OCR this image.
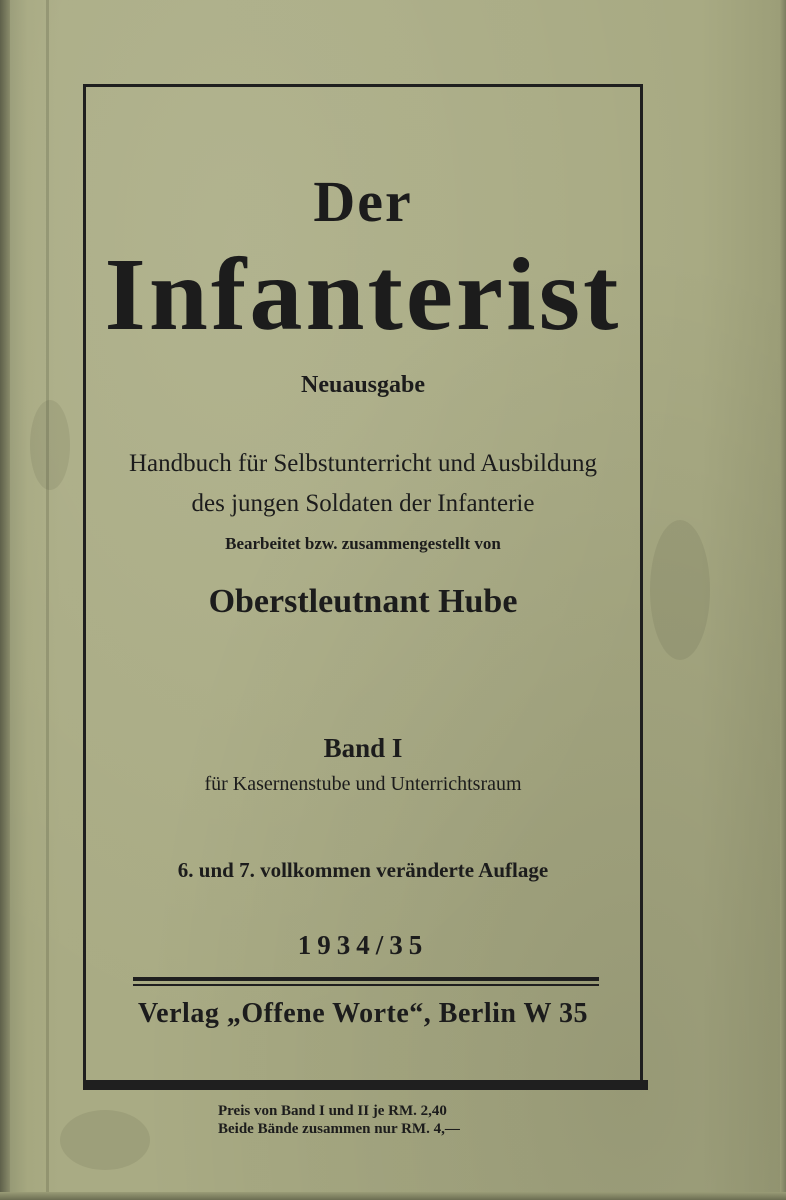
Der
Infanterist
Neuausgabe
Handbuch für Selbstunterricht und Ausbildung
des jungen Soldaten der Infanterie
Bearbeitet bzw. zusammengestellt von
Oberstleutnant Hube
Band I
für Kasernenstube und Unterrichtsraum
6. und 7. vollkommen veränderte Auflage
1934/35
Verlag „Offene Worte“, Berlin W 35
Preis von Band I und II je RM. 2,40
Beide Bände zusammen nur RM. 4,—
